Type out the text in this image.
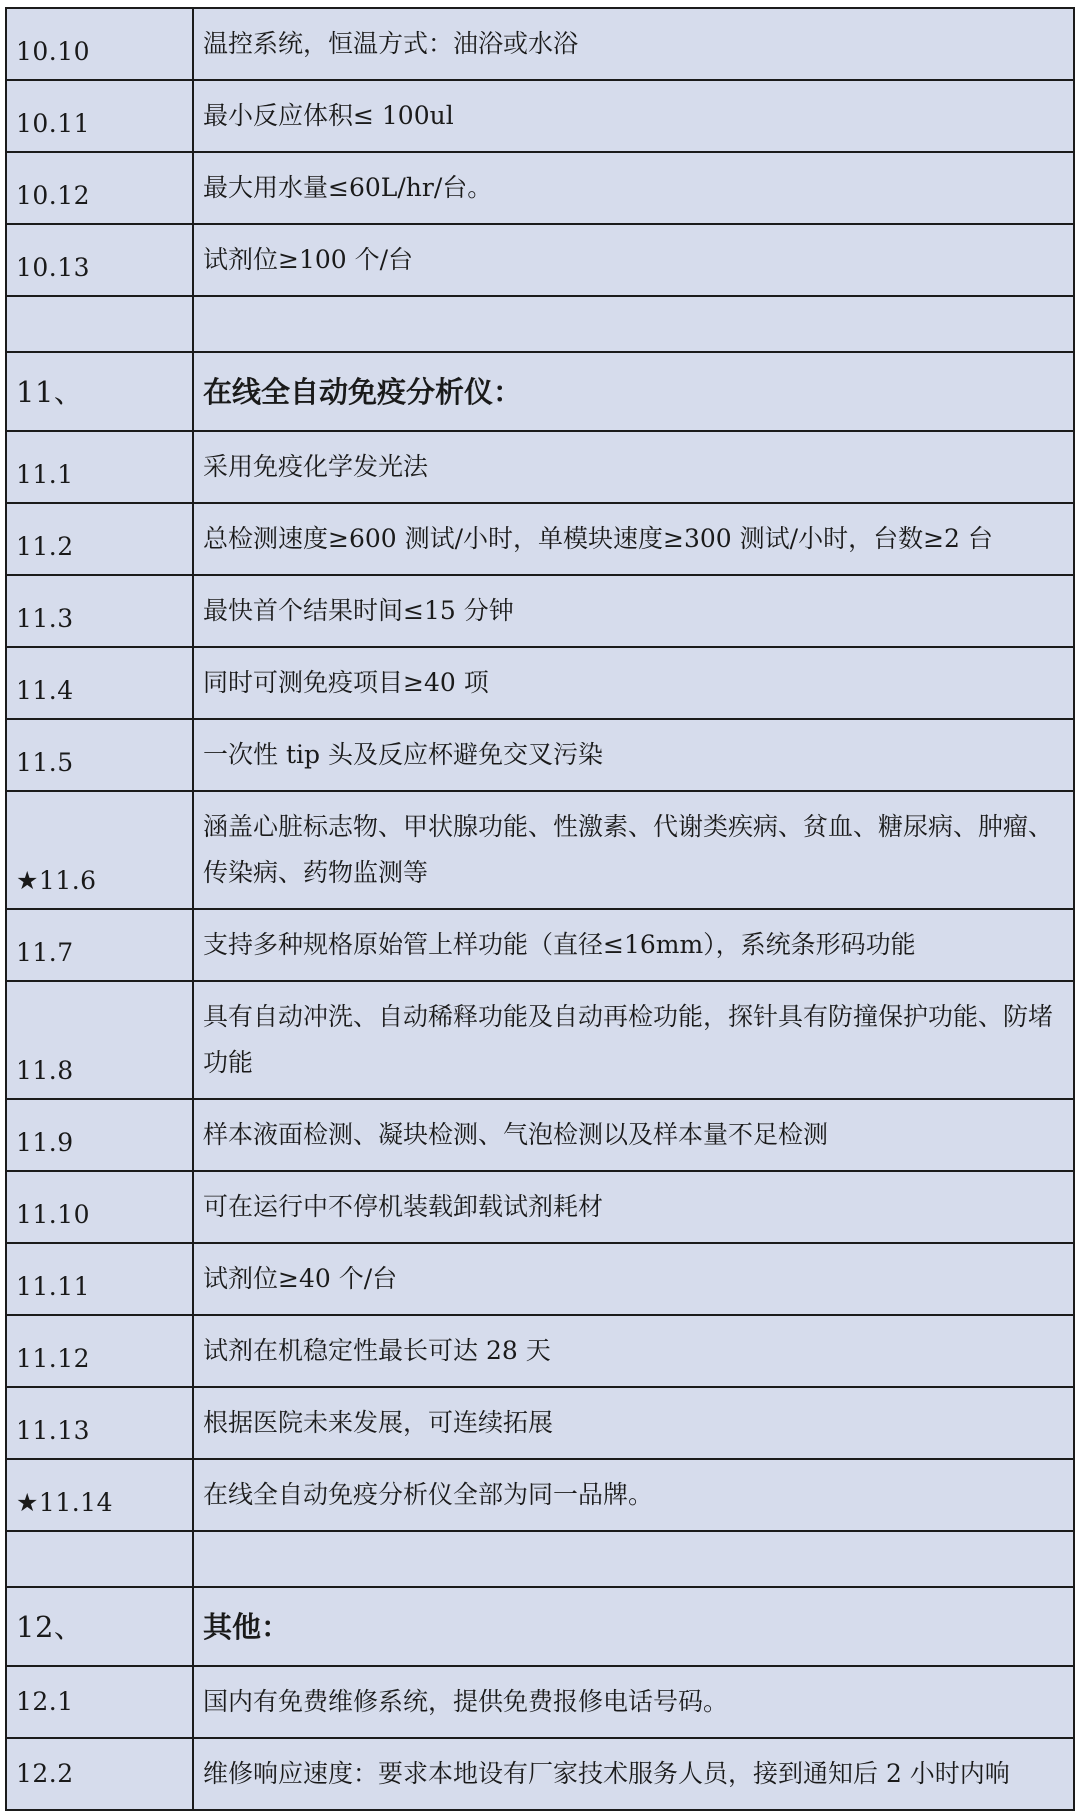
10.10	温控系统，恒温方式：油浴或水浴
10.11	最小反应体积≤ 100ul
10.12	最大用水量≤60L/hr/台。
10.13	试剂位≥100 个/台

11、	在线全自动免疫分析仪：
11.1	采用免疫化学发光法
11.2	总检测速度≥600 测试/小时，单模块速度≥300 测试/小时，台数≥2 台
11.3	最快首个结果时间≤15 分钟
11.4	同时可测免疫项目≥40 项
11.5	一次性 tip 头及反应杯避免交叉污染
★11.6	涵盖心脏标志物、甲状腺功能、性激素、代谢类疾病、贫血、糖尿病、肿瘤、传染病、药物监测等
11.7	支持多种规格原始管上样功能（直径≤16mm），系统条形码功能
11.8	具有自动冲洗、自动稀释功能及自动再检功能，探针具有防撞保护功能、防堵功能
11.9	样本液面检测、凝块检测、气泡检测以及样本量不足检测
11.10	可在运行中不停机装载卸载试剂耗材
11.11	试剂位≥40 个/台
11.12	试剂在机稳定性最长可达 28 天
11.13	根据医院未来发展，可连续拓展
★11.14	在线全自动免疫分析仪全部为同一品牌。

12、	其他：
12.1	国内有免费维修系统，提供免费报修电话号码。
12.2	维修响应速度：要求本地设有厂家技术服务人员，接到通知后 2 小时内响
